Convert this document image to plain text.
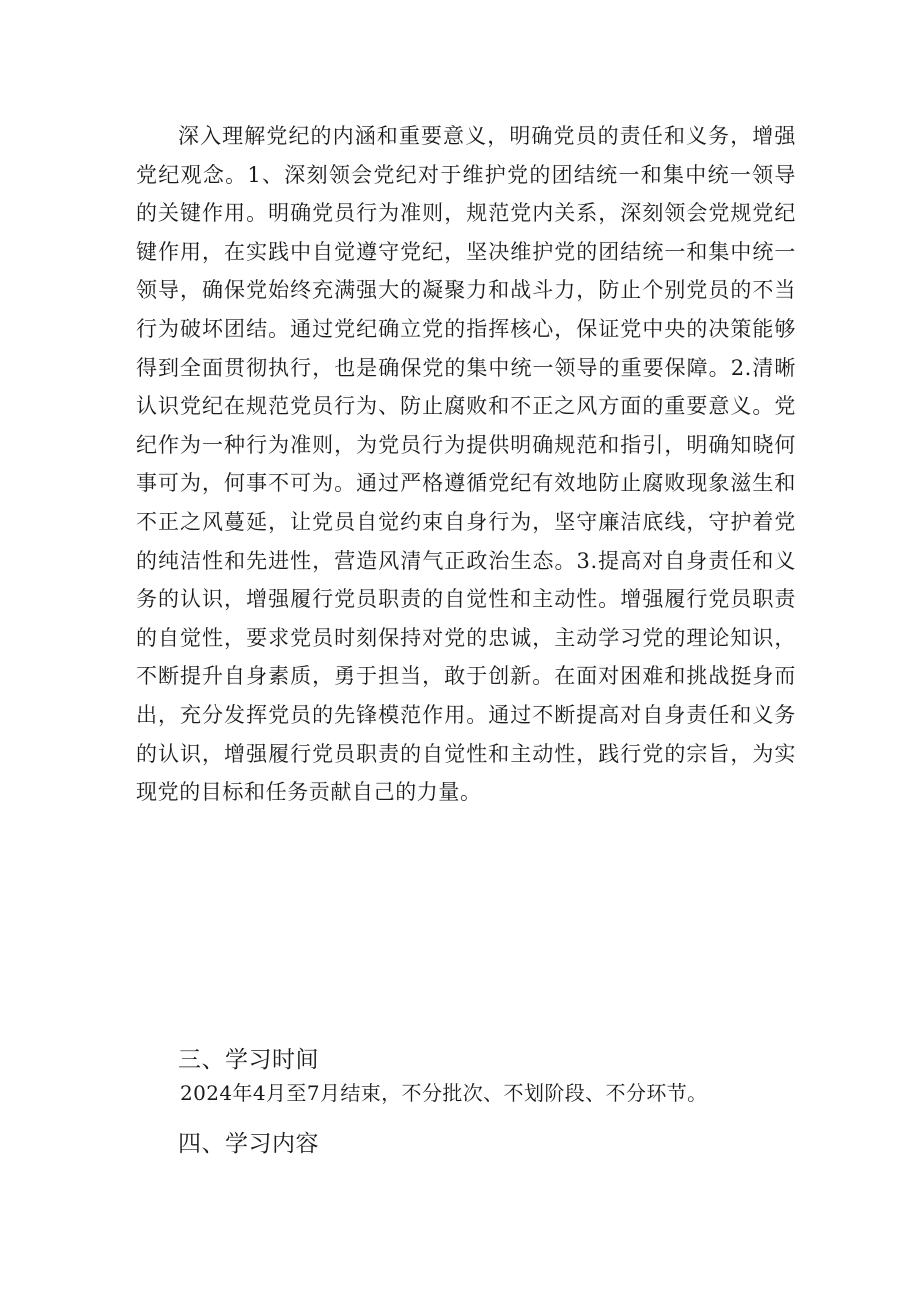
深入理解党纪的内涵和重要意义，明确党员的责任和义务，增强党纪观念。1、深刻领会党纪对于维护党的团结统一和集中统一领导的关键作用。明确党员行为准则，规范党内关系，深刻领会党规党纪键作用，在实践中自觉遵守党纪，坚决维护党的团结统一和集中统一领导，确保党始终充满强大的凝聚力和战斗力，防止个别党员的不当行为破坏团结。通过党纪确立党的指挥核心，保证党中央的决策能够得到全面贯彻执行，也是确保党的集中统一领导的重要保障。2.清晰认识党纪在规范党员行为、防止腐败和不正之风方面的重要意义。党纪作为一种行为准则，为党员行为提供明确规范和指引，明确知晓何事可为，何事不可为。通过严格遵循党纪有效地防止腐败现象滋生和不正之风蔓延，让党员自觉约束自身行为，坚守廉洁底线，守护着党的纯洁性和先进性，营造风清气正政治生态。3.提高对自身责任和义务的认识，增强履行党员职责的自觉性和主动性。增强履行党员职责的自觉性，要求党员时刻保持对党的忠诚，主动学习党的理论知识，不断提升自身素质，勇于担当，敢于创新。在面对困难和挑战挺身而出，充分发挥党员的先锋模范作用。通过不断提高对自身责任和义务的认识，增强履行党员职责的自觉性和主动性，践行党的宗旨，为实现党的目标和任务贡献自己的力量。

三、学习时间

2024年4月至7月结束，不分批次、不划阶段、不分环节。

四、学习内容
